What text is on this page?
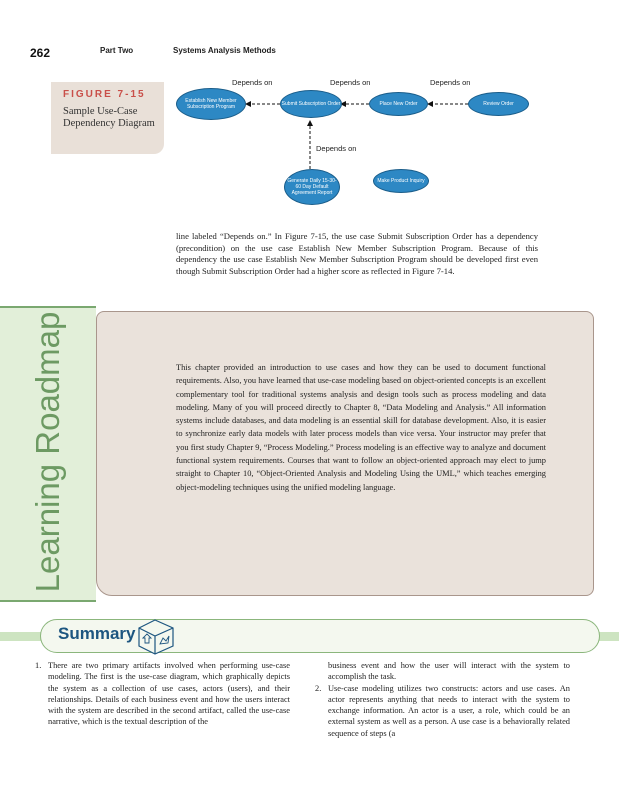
262	Part Two	Systems Analysis Methods
FIGURE 7-15
Sample Use-Case Dependency Diagram
Depends on	Depends on	Depends on
Depends on
Establish New Member Subscription Program	Submit Subscription Order	Place New Order	Review Order
Generate Daily 15-30-60 Day Default Agreement Report
Make Product Inquiry
line labeled “Depends on.” In Figure 7-15, the use case Submit Subscription Order has a dependency (precondition) on the use case Establish New Member Subscription Program. Because of this dependency the use case Establish New Member Subscription Program should be developed first even though Submit Subscription Order had a higher score as reflected in Figure 7-14.
Learning Roadmap	This chapter provided an introduction to use cases and how they can be used to document functional requirements. Also, you have learned that use-case modeling based on object-oriented concepts is an excellent complementary tool for traditional systems analysis and design tools such as process modeling and data modeling. Many of you will proceed directly to Chapter 8, “Data Modeling and Analysis.” All information systems include databases, and data modeling is an essential skill for database development. Also, it is easier to synchronize early data models with later process models than vice versa. Your instructor may prefer that you first study Chapter 9, “Process Modeling.” Process modeling is an effective way to analyze and document functional system requirements. Courses that want to follow an object-oriented approach may elect to jump straight to Chapter 10, “Object-Oriented Analysis and Modeling Using the UML,” which teaches emerging object-modeling techniques using the unified modeling language.
Summary
1. There are two primary artifacts involved when performing use-case modeling. The first is the use-case diagram, which graphically depicts the system as a collection of use cases, actors (users), and their relationships. Details of each business event and how the users interact with the system are described in the second artifact, called the use-case narrative, which is the textual description of the
business event and how the user will interact with the system to accomplish the task.
2. Use-case modeling utilizes two constructs: actors and use cases. An actor represents anything that needs to interact with the system to exchange information. An actor is a user, a role, which could be an external system as well as a person. A use case is a behaviorally related sequence of steps (a
